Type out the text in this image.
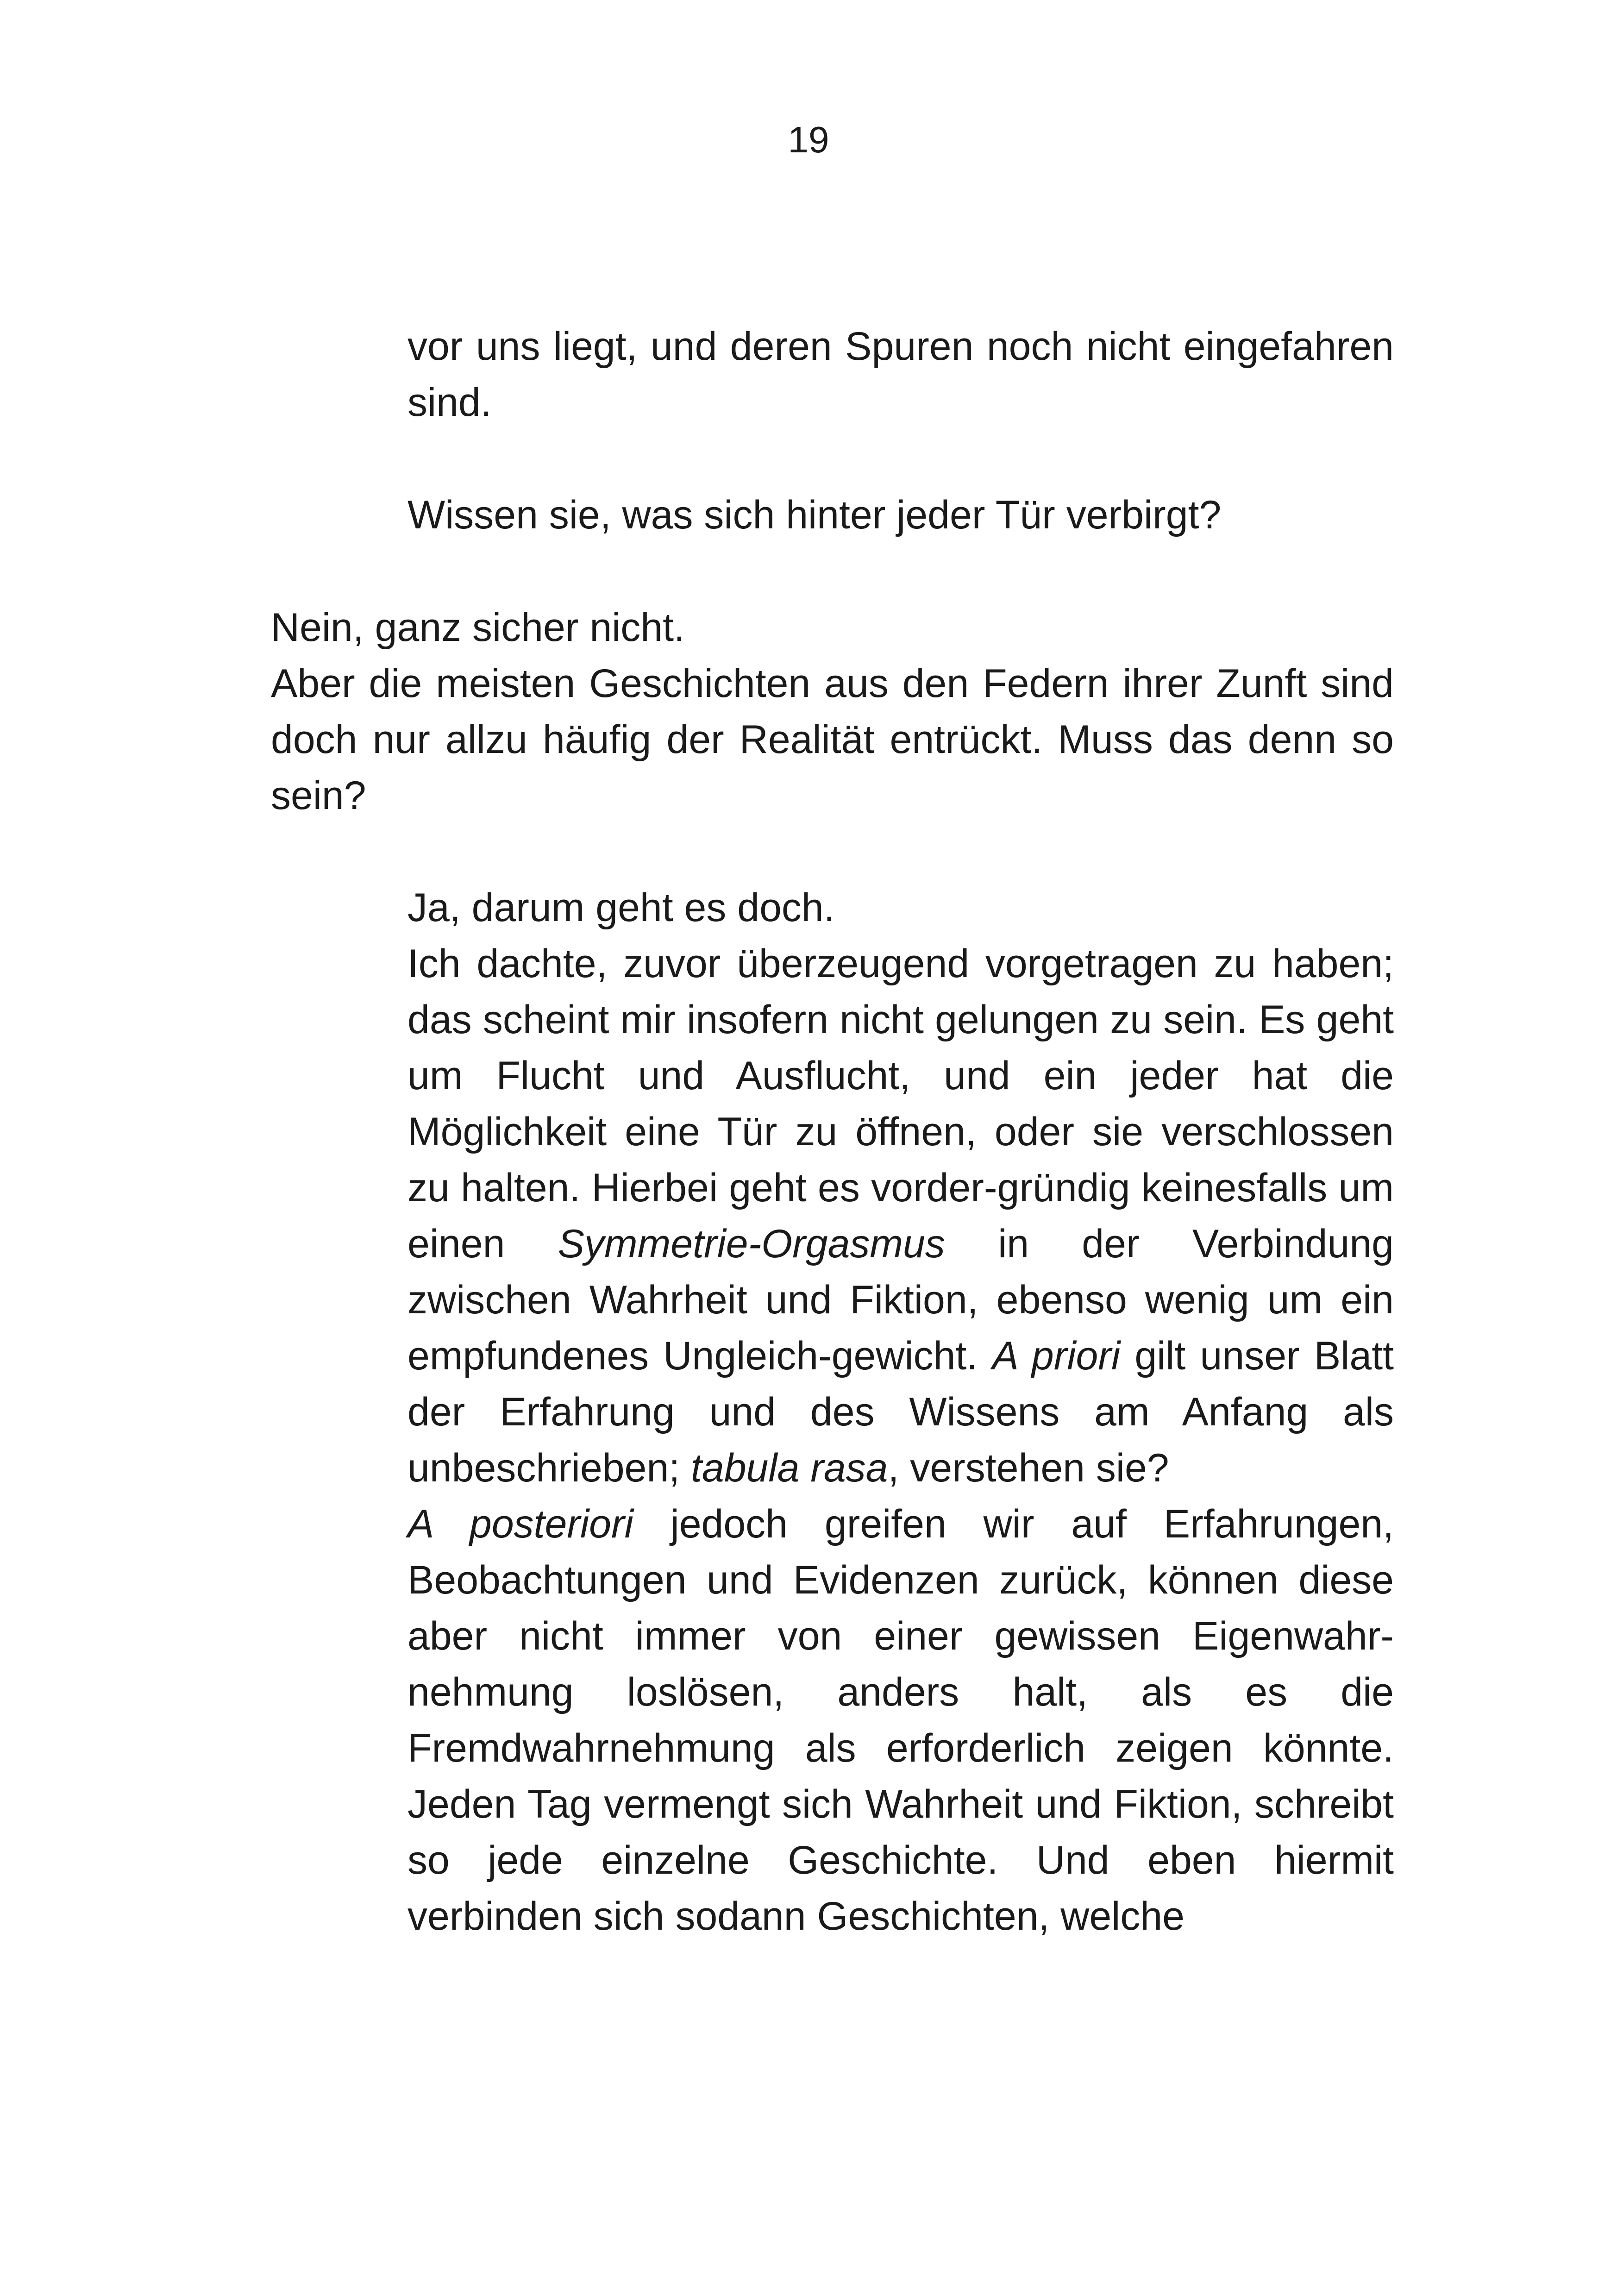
19

vor uns liegt, und deren Spuren noch nicht eingefahren sind.

Wissen sie, was sich hinter jeder Tür verbirgt?

Nein, ganz sicher nicht.

Aber die meisten Geschichten aus den Federn ihrer Zunft sind doch nur allzu häufig der Realität entrückt. Muss das denn so sein?

Ja, darum geht es doch.

Ich dachte, zuvor überzeugend vorgetragen zu haben; das scheint mir insofern nicht gelungen zu sein. Es geht um Flucht und Ausflucht, und ein jeder hat die Möglichkeit eine Tür zu öffnen, oder sie verschlossen zu halten. Hierbei geht es vorder-gründig keinesfalls um einen Symmetrie-Orgasmus in der Verbindung zwischen Wahrheit und Fiktion, ebenso wenig um ein empfundenes Ungleich-gewicht. A priori gilt unser Blatt der Erfahrung und des Wissens am Anfang als unbeschrieben; tabula rasa, verstehen sie?

A posteriori jedoch greifen wir auf Erfahrungen, Beobachtungen und Evidenzen zurück, können diese aber nicht immer von einer gewissen Eigenwahr-nehmung loslösen, anders halt, als es die Fremdwahrnehmung als erforderlich zeigen könnte. Jeden Tag vermengt sich Wahrheit und Fiktion, schreibt so jede einzelne Geschichte. Und eben hiermit verbinden sich sodann Geschichten, welche
